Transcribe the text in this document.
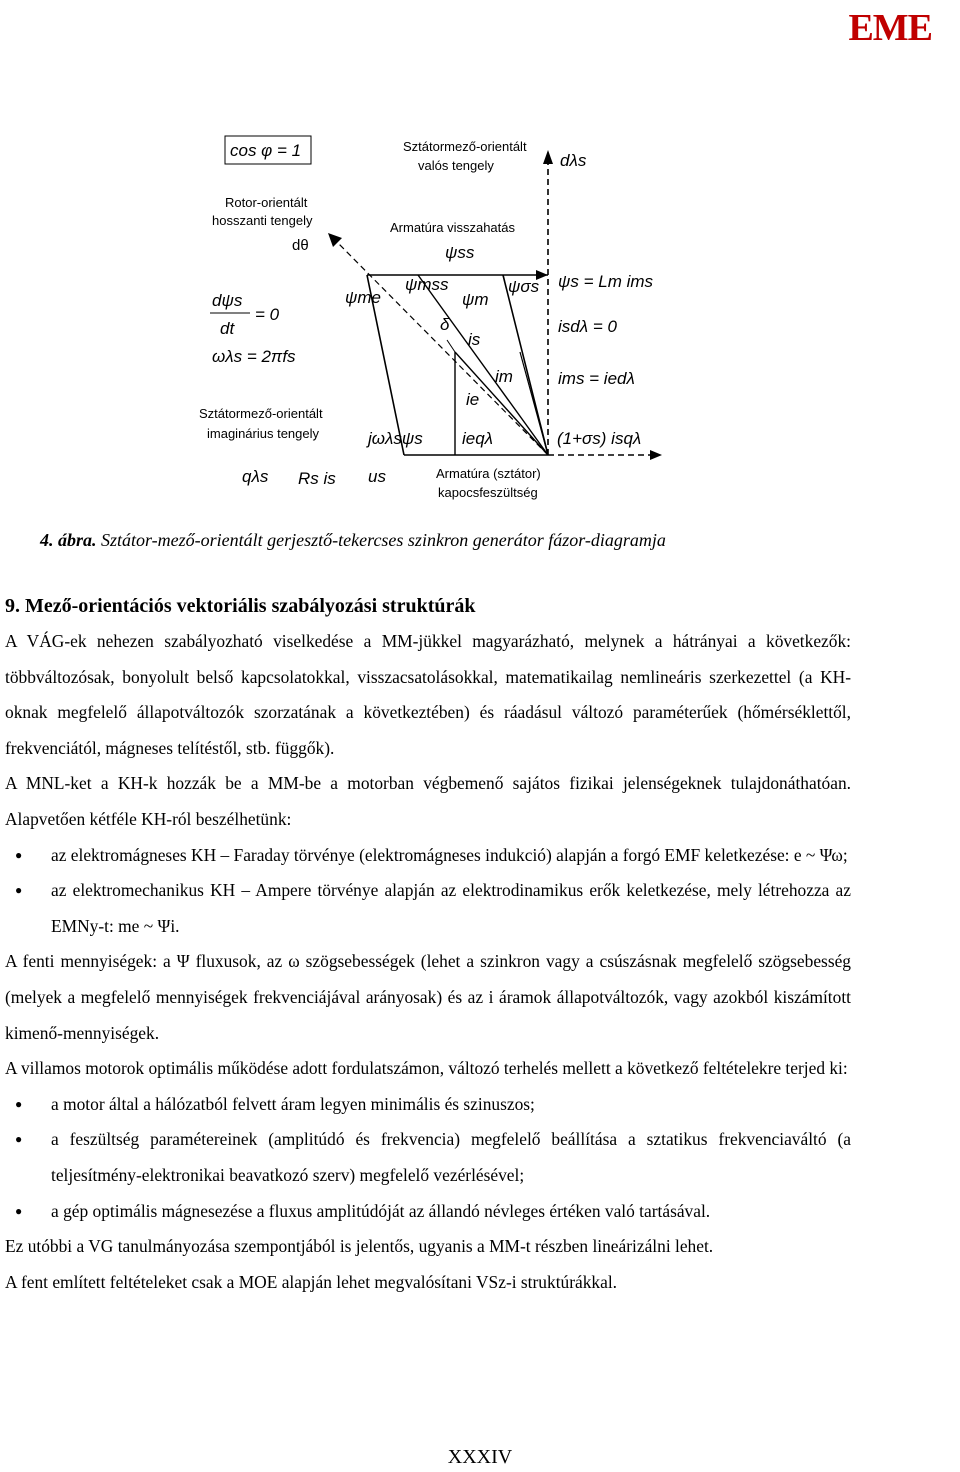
EME
cos φ = 1	Sztátormező-orientált
valós tengely	dλs
Rotor-orientált
hosszanti tengely
dθ
Armatúra visszahatás
ψss
ψme
ψmss
ψm
ψσs
δ
is
im
ie
ieqλ
ψs = Lm ims
isdλ = 0
ims = iedλ
(1+σs) isqλ
dψs
dt
= 0
ωλs = 2πfs
Sztátormező-orientált
imaginárius tengely	jωλsψs
qλs Rs is us	Armatúra (sztátor)
kapocsfeszültség
4. ábra. Sztátor-mező-orientált gerjesztő-tekercses szinkron generátor fázor-diagramja

9. Mező-orientációs vektoriális szabályozási struktúrák

A VÁG-ek nehezen szabályozható viselkedése a MM-jükkel magyarázható, melynek a hátrányai a következők: többváltozósak, bonyolult belső kapcsolatokkal, visszacsatolásokkal, matematikailag nemlineáris szerkezettel (a KH-oknak megfelelő állapotváltozók szorzatának a következtében) és ráadásul változó paraméterűek (hőmérséklettől, frekvenciától, mágneses telítéstől, stb. függők).

A MNL-ket a KH-k hozzák be a MM-be a motorban végbemenő sajátos fizikai jelenségeknek tulajdonáthatóan. Alapvetően kétféle KH-ról beszélhetünk:

● az elektromágneses KH – Faraday törvénye (elektromágneses indukció) alapján a forgó EMF keletkezése: e ~ Ψω;
● az elektromechanikus KH – Ampere törvénye alapján az elektrodinamikus erők keletkezése, mely létrehozza az EMNy-t: me ~ Ψi.

A fenti mennyiségek: a Ψ fluxusok, az ω szögsebességek (lehet a szinkron vagy a csúszásnak megfelelő szögsebesség (melyek a megfelelő mennyiségek frekvenciájával arányosak) és az i áramok állapotváltozók, vagy azokból kiszámított kimenő-mennyiségek.

A villamos motorok optimális működése adott fordulatszámon, változó terhelés mellett a következő feltételekre terjed ki:

● a motor által a hálózatból felvett áram legyen minimális és szinuszos;
● a feszültség paramétereinek (amplitúdó és frekvencia) megfelelő beállítása a sztatikus frekvenciaváltó (a teljesítmény-elektronikai beavatkozó szerv) megfelelő vezérlésével;
● a gép optimális mágnesezése a fluxus amplitúdóját az állandó névleges értéken való tartásával.

Ez utóbbi a VG tanulmányozása szempontjából is jelentős, ugyanis a MM-t részben lineárizálni lehet.

A fent említett feltételeket csak a MOE alapján lehet megvalósítani VSz-i struktúrákkal.

XXXIV
